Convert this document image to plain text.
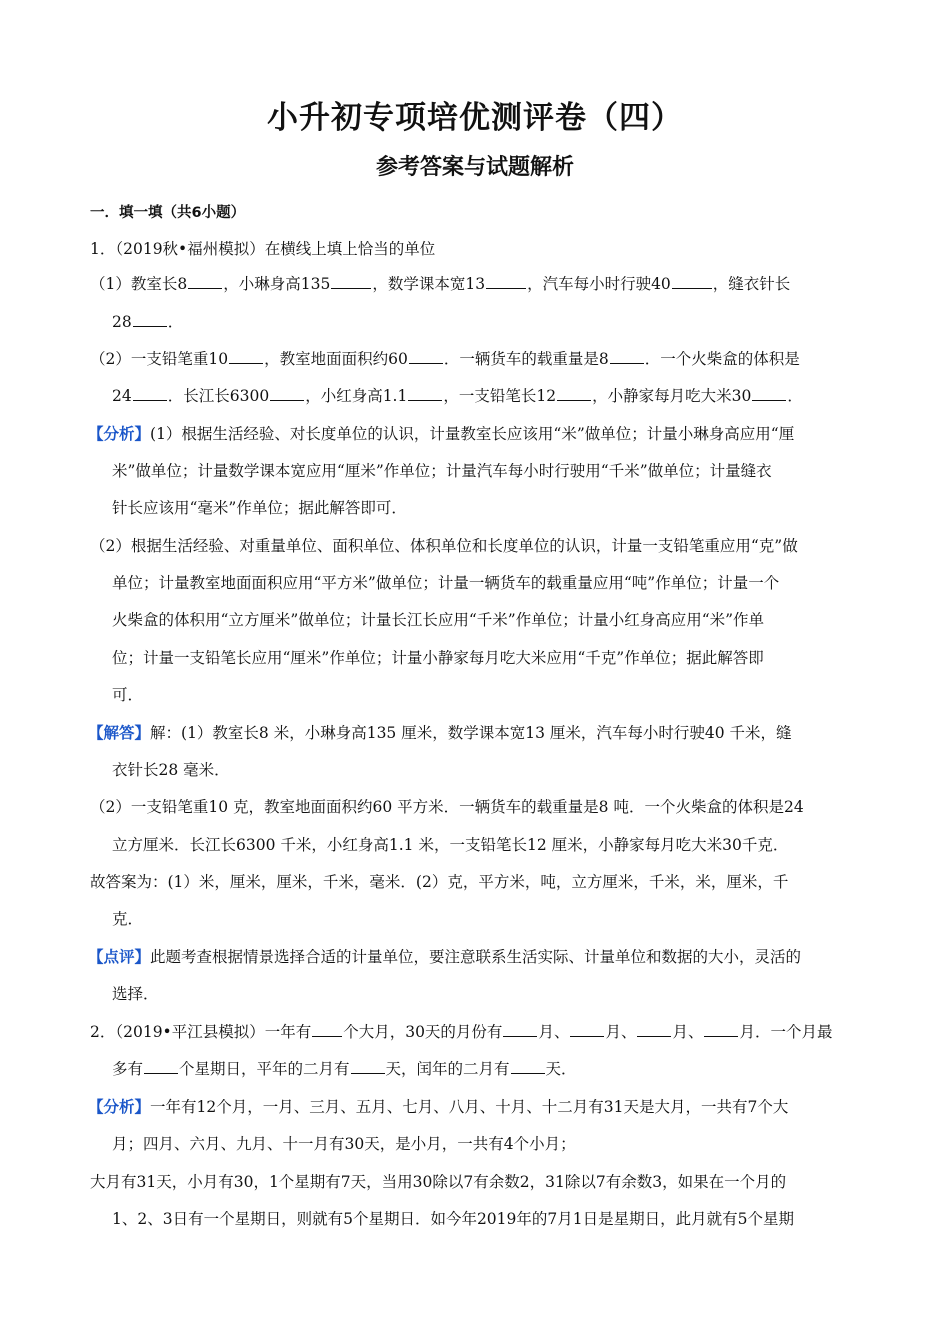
小升初专项培优测评卷（四）
参考答案与试题解析
一．填一填（共6小题）
1．（2019秋•福州模拟）在横线上填上恰当的单位
（1）教室长8 ，小琳身高135	，数学课本宽13	，汽车每小时行驶40	，缝衣针长
28 ．
（2）一支铅笔重10 ，教室地面面积约60 ．一辆货车的载重量是8 ．一个火柴盒的体积是
24 ．长江长6300 ，小红身高1.1 ，一支铅笔长12 ，小静家每月吃大米30 ．
【分析】(1）根据生活经验、对长度单位的认识，计量教室长应该用“米”做单位；计量小琳身高应用“厘
米”做单位；计量数学课本宽应用“厘米”作单位；计量汽车每小时行驶用“千米”做单位；计量缝衣
针长应该用“毫米”作单位；据此解答即可．
（2）根据生活经验、对重量单位、面积单位、体积单位和长度单位的认识，计量一支铅笔重应用“克”做
单位；计量教室地面面积应用“平方米”做单位；计量一辆货车的载重量应用“吨”作单位；计量一个
火柴盒的体积用“立方厘米”做单位；计量长江长应用“千米”作单位；计量小红身高应用“米”作单
位；计量一支铅笔长应用“厘米”作单位；计量小静家每月吃大米应用“千克”作单位；据此解答即
可．
【解答】解：(1）教室长8 米，小琳身高135 厘米，数学课本宽13 厘米，汽车每小时行驶40 千米，缝
衣针长28 毫米．
（2）一支铅笔重10 克，教室地面面积约60 平方米．一辆货车的载重量是8 吨．一个火柴盒的体积是24
立方厘米．长江长6300 千米，小红身高1.1 米，一支铅笔长12 厘米，小静家每月吃大米30千克．
故答案为：(1）米，厘米，厘米，千米，毫米．(2）克，平方米，吨，立方厘米，千米，米，厘米，千
克．
【点评】此题考查根据情景选择合适的计量单位，要注意联系生活实际、计量单位和数据的大小，灵活的
选择．
2．（2019•平江县模拟）一年有 个大月，30天的月份有 月、 月、 月、 月．一个月最
多有 个星期日，平年的二月有 天，闰年的二月有 天．
【分析】一年有12个月，一月、三月、五月、七月、八月、十月、十二月有31天是大月，一共有7个大
月；四月、六月、九月、十一月有30天，是小月，一共有4个小月；
大月有31天，小月有30，1个星期有7天，当用30除以7有余数2，31除以7有余数3，如果在一个月的
1、2、3日有一个星期日，则就有5个星期日．如今年2019年的7月1日是星期日，此月就有5个星期
